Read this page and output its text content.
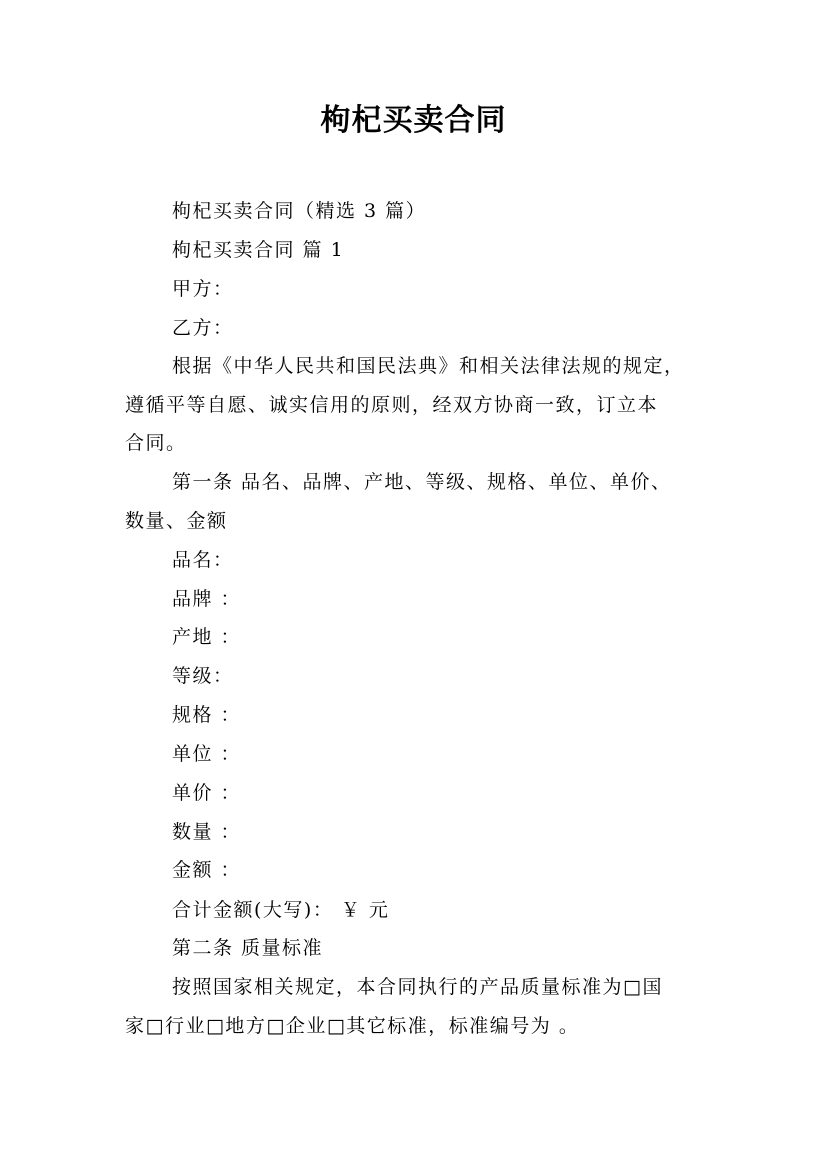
枸杞买卖合同
枸杞买卖合同（精选 3 篇）
枸杞买卖合同 篇 1
甲方：
乙方：
根据《中华人民共和国民法典》和相关法律法规的规定，
遵循平等自愿、诚实信用的原则，经双方协商一致，订立本
合同。
第一条 品名、品牌、产地、等级、规格、单位、单价、
数量、金额
品名：
品牌 ：
产地 ：
等级：
规格 ：
单位 ：
单价 ：
数量 ：
金额 ：
合计金额(大写)： ￥ 元
第二条 质量标准
按照国家相关规定，本合同执行的产品质量标准为□国
家□行业□地方□企业□其它标准，标准编号为 。
